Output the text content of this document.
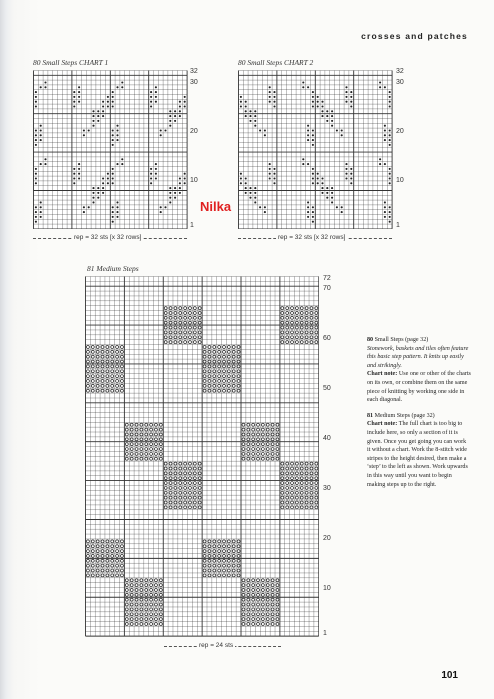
crosses and patches
80 Small Steps CHART 1
32
30
20
10
1
rep = 32 sts [x 32 rows]
80 Small Steps CHART 2
32
30
20
10
1
rep = 32 sts [x 32 rows]
Nilka
81 Medium Steps
72
70
60
50
40
30
20
10
1
rep = 24 sts

80 Small Steps (page 32)
Stonework, baskets and tiles often feature this basic step pattern. It knits up easily and strikingly.
Chart note: Use one or other of the charts on its own, or combine them on the same piece of knitting by working one side in each diagonal.

81 Medium Steps (page 32)
Chart note: The full chart is too big to include here, so only a section of it is given. Once you get going you can work it without a chart. Work the 8-stitch wide stripes to the height desired, then make a ‘step’ to the left as shown. Work upwards in this way until you want to begin making steps up to the right.

101
